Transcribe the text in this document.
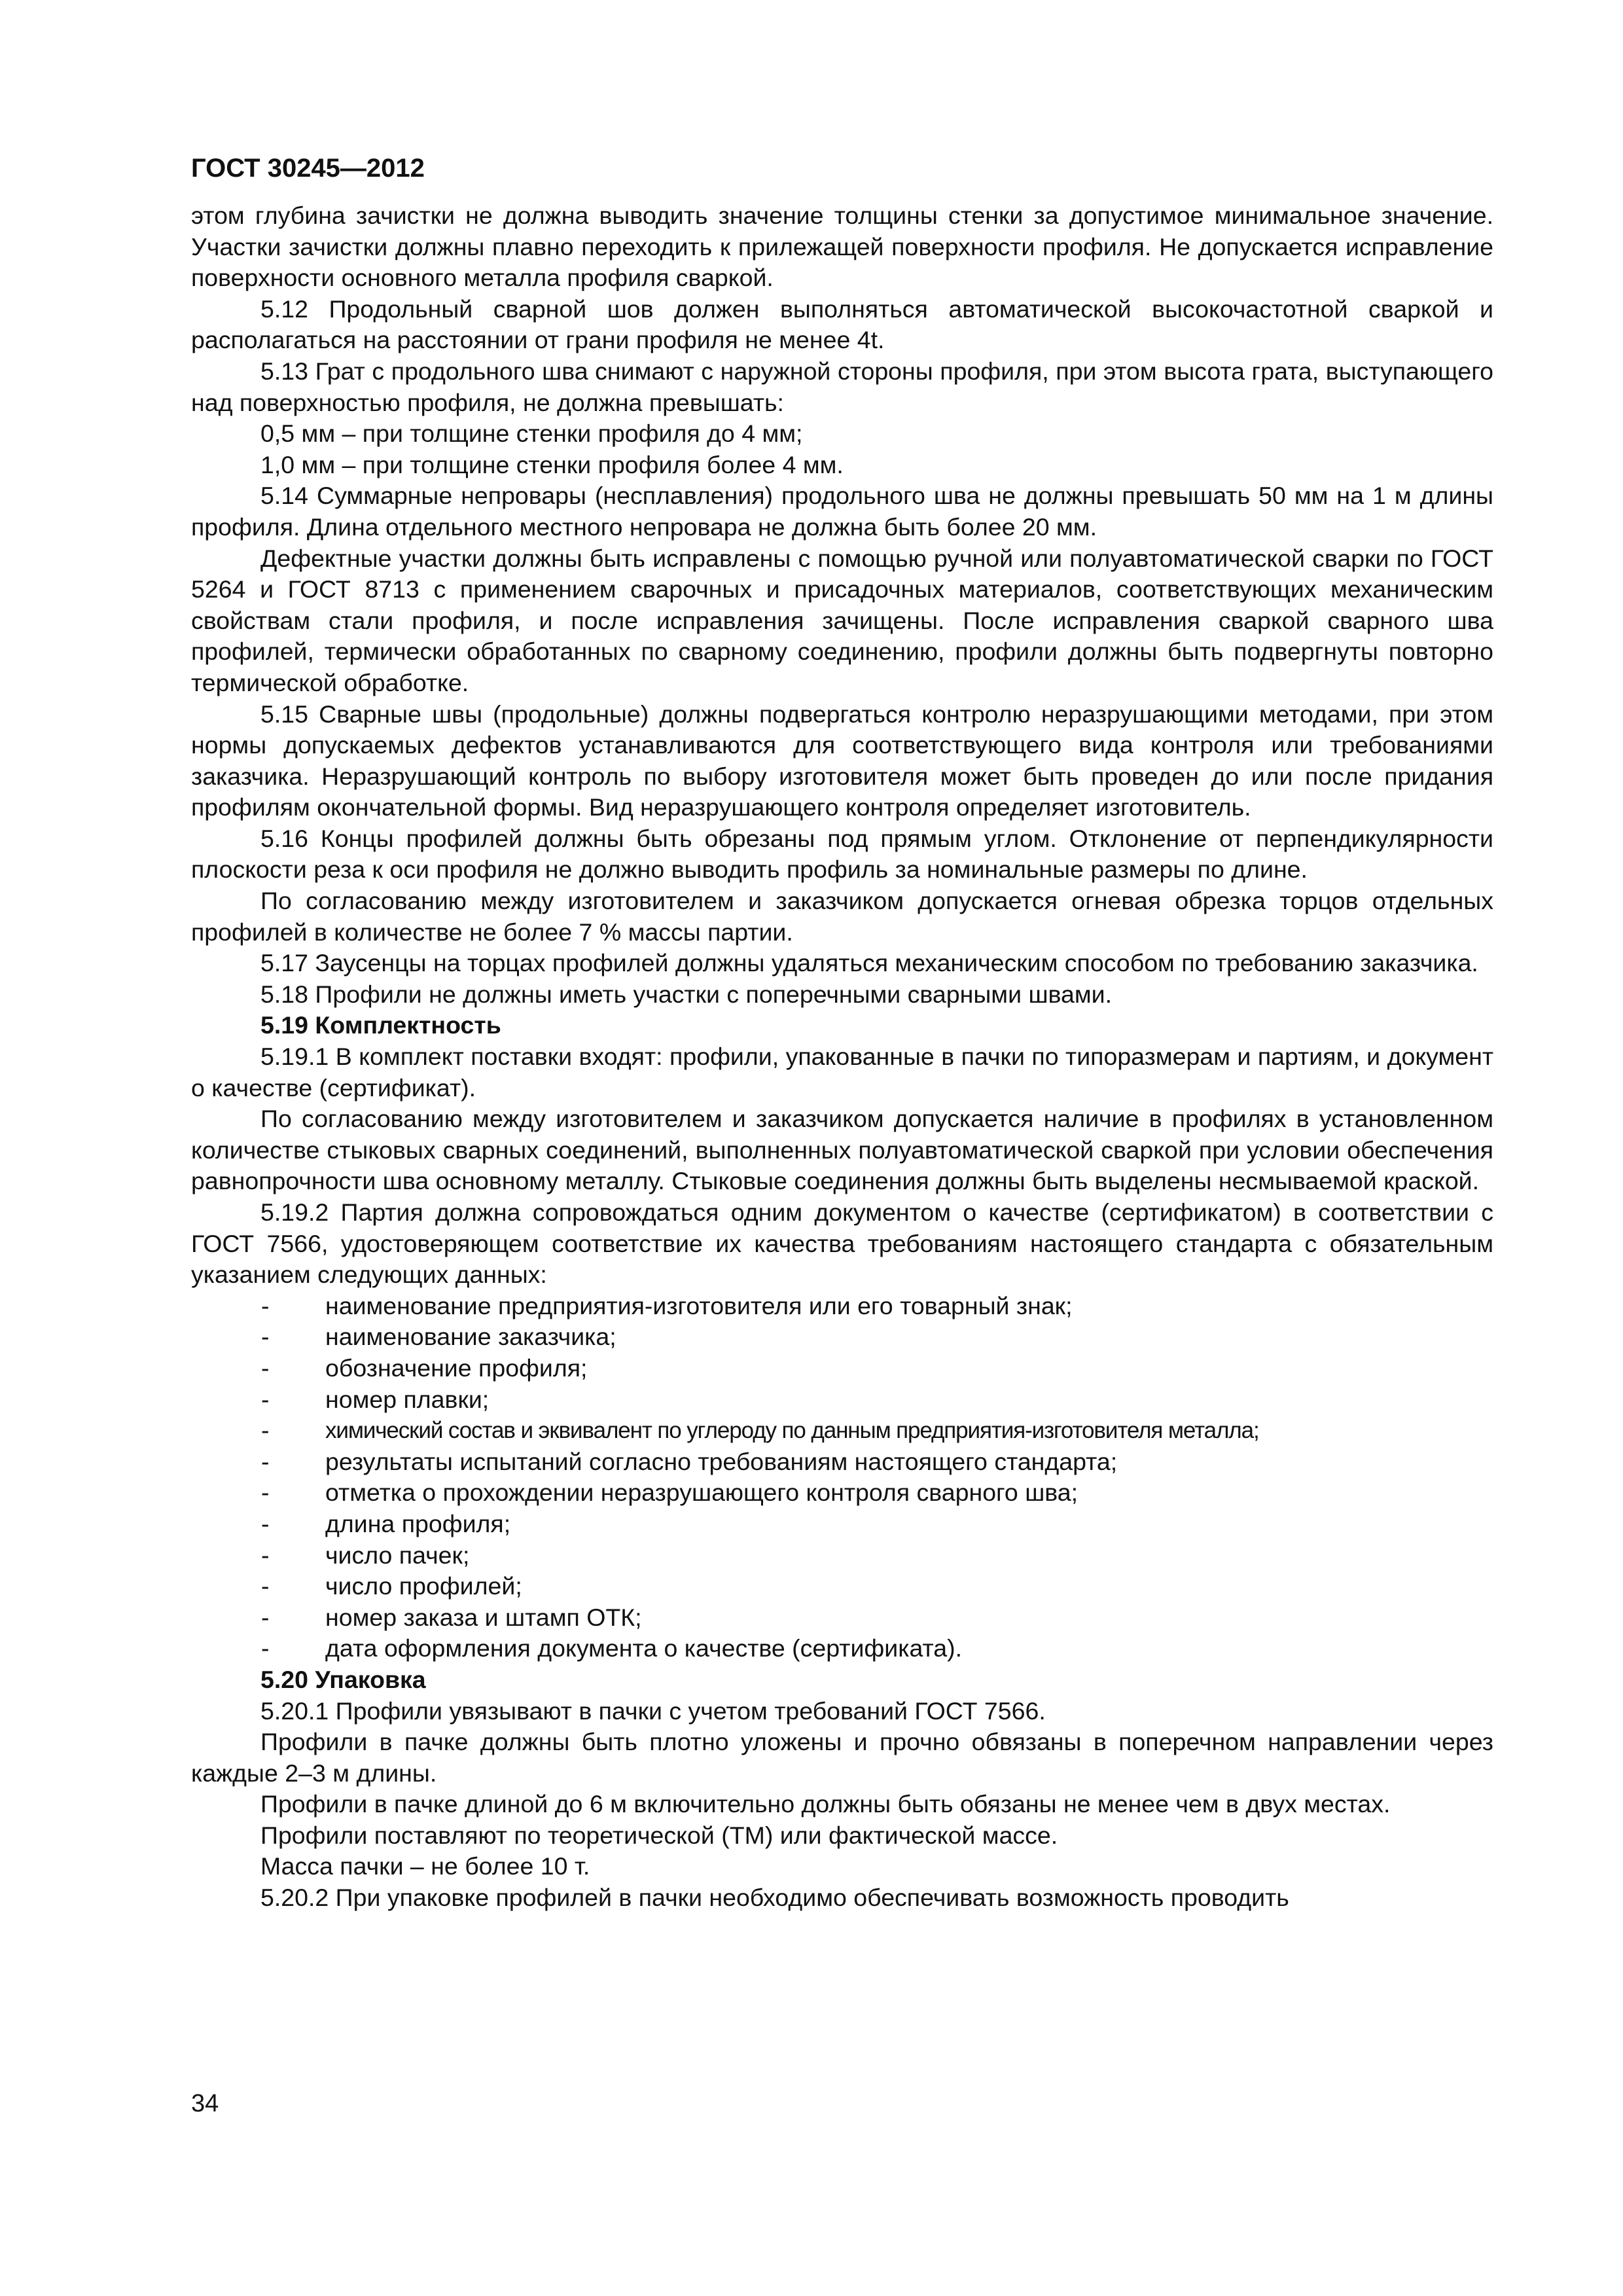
ГОСТ 30245—2012

этом глубина зачистки не должна выводить значение толщины стенки за допустимое минимальное значение. Участки зачистки должны плавно переходить к прилежащей поверхности профиля. Не допускается исправление поверхности основного металла профиля сваркой.

5.12 Продольный сварной шов должен выполняться автоматической высокочастотной сваркой и располагаться на расстоянии от грани профиля не менее 4t.

5.13 Грат с продольного шва снимают с наружной стороны профиля, при этом высота грата, выступающего над поверхностью профиля, не должна превышать:

0,5 мм – при толщине стенки профиля до 4 мм;

1,0 мм – при толщине стенки профиля более 4 мм.

5.14 Суммарные непровары (несплавления) продольного шва не должны превышать 50 мм на 1 м длины профиля. Длина отдельного местного непровара не должна быть более 20 мм.

Дефектные участки должны быть исправлены с помощью ручной или полуавтоматической сварки по ГОСТ 5264 и ГОСТ 8713 с применением сварочных и присадочных материалов, соответствующих механическим свойствам стали профиля, и после исправления зачищены. После исправления сваркой сварного шва профилей, термически обработанных по сварному соединению, профили должны быть подвергнуты повторно термической обработке.

5.15 Сварные швы (продольные) должны подвергаться контролю неразрушающими методами, при этом нормы допускаемых дефектов устанавливаются для соответствующего вида контроля или требованиями заказчика. Неразрушающий контроль по выбору изготовителя может быть проведен до или после придания профилям окончательной формы. Вид неразрушающего контроля определяет изготовитель.

5.16 Концы профилей должны быть обрезаны под прямым углом. Отклонение от перпендикулярности плоскости реза к оси профиля не должно выводить профиль за номинальные размеры по длине.

По согласованию между изготовителем и заказчиком допускается огневая обрезка торцов отдельных профилей в количестве не более 7 % массы партии.

5.17 Заусенцы на торцах профилей должны удаляться механическим способом по требованию заказчика.

5.18 Профили не должны иметь участки с поперечными сварными швами.

5.19 Комплектность

5.19.1 В комплект поставки входят: профили, упакованные в пачки по типоразмерам и партиям, и документ о качестве (сертификат).

По согласованию между изготовителем и заказчиком допускается наличие в профилях в установленном количестве стыковых сварных соединений, выполненных полуавтоматической сваркой при условии обеспечения равнопрочности шва основному металлу. Стыковые соединения должны быть выделены несмываемой краской.

5.19.2 Партия должна сопровождаться одним документом о качестве (сертификатом) в соответствии с ГОСТ 7566, удостоверяющем соответствие их качества требованиям настоящего стандарта с обязательным указанием следующих данных:

-	наименование предприятия-изготовителя или его товарный знак;
-	наименование заказчика;
-	обозначение профиля;
-	номер плавки;
-	химический состав и эквивалент по углероду по данным предприятия-изготовителя металла;
-	результаты испытаний согласно требованиям настоящего стандарта;
-	отметка о прохождении неразрушающего контроля сварного шва;
-	длина профиля;
-	число пачек;
-	число профилей;
-	номер заказа и штамп ОТК;
-	дата оформления документа о качестве (сертификата).

5.20 Упаковка

5.20.1 Профили увязывают в пачки с учетом требований ГОСТ 7566.

Профили в пачке должны быть плотно уложены и прочно обвязаны в поперечном направлении через каждые 2–3 м длины.

Профили в пачке длиной до 6 м включительно должны быть обязаны не менее чем в двух местах.

Профили поставляют по теоретической (ТМ) или фактической массе.

Масса пачки – не более 10 т.

5.20.2 При упаковке профилей в пачки необходимо обеспечивать возможность проводить

34
